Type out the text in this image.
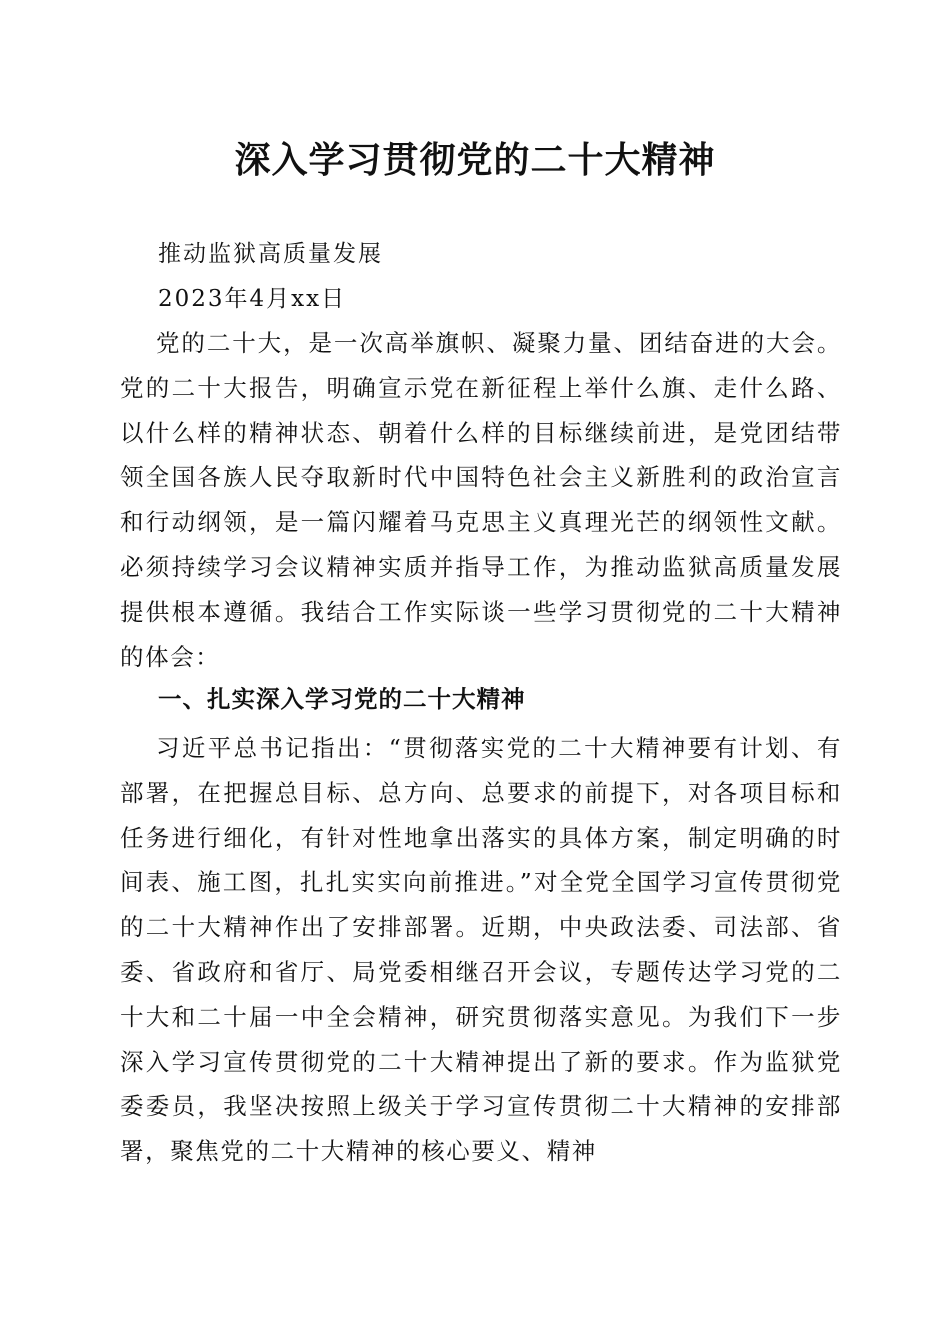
深入学习贯彻党的二十大精神
推动监狱高质量发展
2023年4月xx日

党的二十大，是一次高举旗帜、凝聚力量、团结奋进的大会。党的二十大报告，明确宣示党在新征程上举什么旗、走什么路、以什么样的精神状态、朝着什么样的目标继续前进，是党团结带领全国各族人民夺取新时代中国特色社会主义新胜利的政治宣言和行动纲领，是一篇闪耀着马克思主义真理光芒的纲领性文献。必须持续学习会议精神实质并指导工作，为推动监狱高质量发展提供根本遵循。我结合工作实际谈一些学习贯彻党的二十大精神的体会：

一、扎实深入学习党的二十大精神

习近平总书记指出：“贯彻落实党的二十大精神要有计划、有部署，在把握总目标、总方向、总要求的前提下，对各项目标和任务进行细化，有针对性地拿出落实的具体方案，制定明确的时间表、施工图，扎扎实实向前推进。”对全党全国学习宣传贯彻党的二十大精神作出了安排部署。近期，中央政法委、司法部、省委、省政府和省厅、局党委相继召开会议，专题传达学习党的二十大和二十届一中全会精神，研究贯彻落实意见。为我们下一步深入学习宣传贯彻党的二十大精神提出了新的要求。作为监狱党委委员，我坚决按照上级关于学习宣传贯彻二十大精神的安排部署，聚焦党的二十大精神的核心要义、精神
